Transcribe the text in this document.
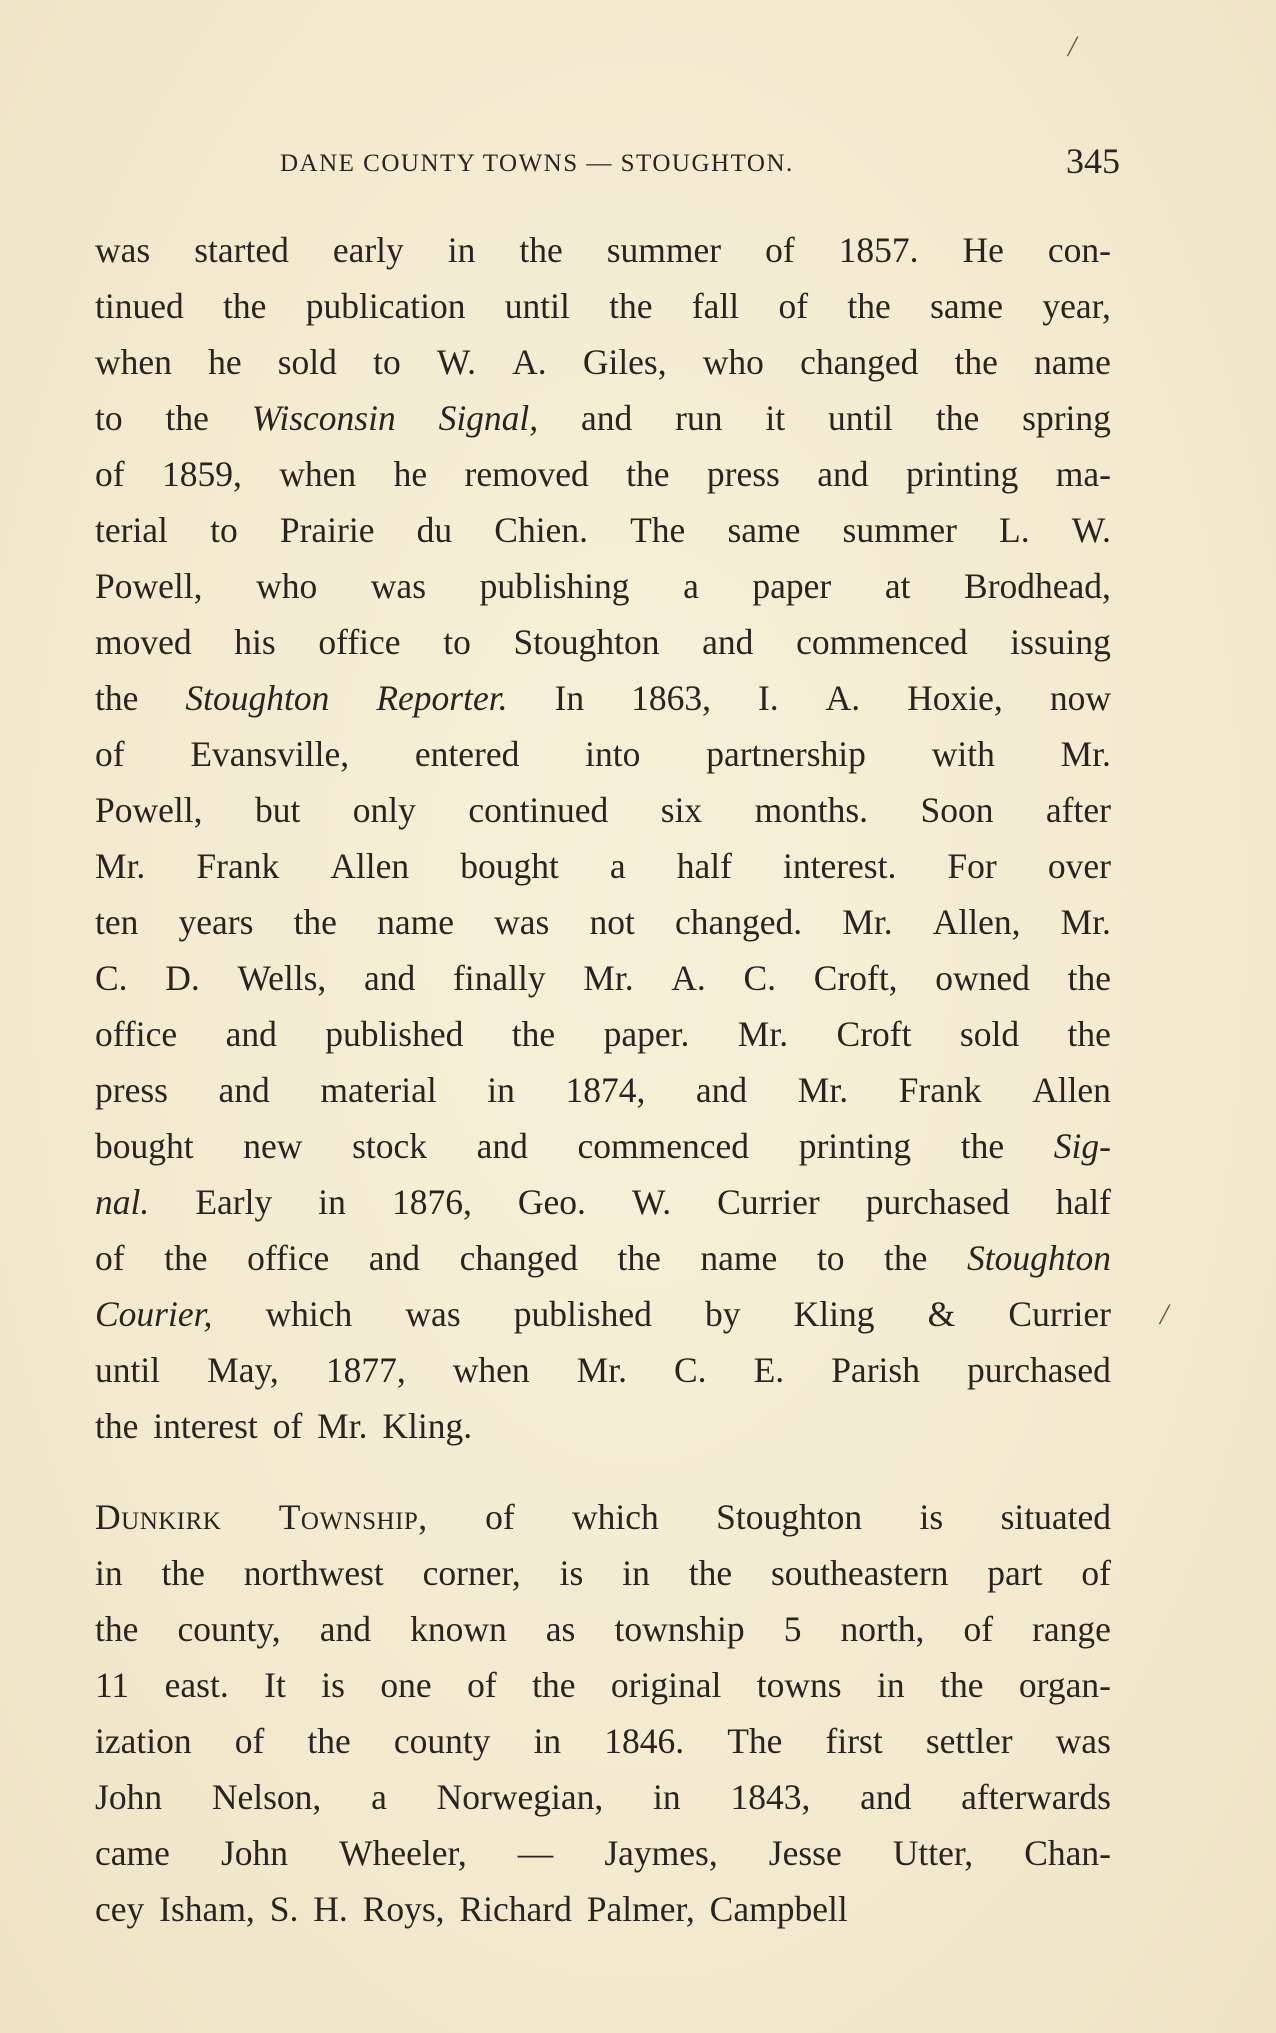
DANE COUNTY TOWNS — STOUGHTON.	345
/
/
was started early in the summer of 1857. He con-
tinued the publication until the fall of the same year,
when he sold to W. A. Giles, who changed the name
to the Wisconsin Signal, and run it until the spring
of 1859, when he removed the press and printing ma-
terial to Prairie du Chien. The same summer L. W.
Powell, who was publishing a paper at Brodhead,
moved his office to Stoughton and commenced issuing
the Stoughton Reporter. In 1863, I. A. Hoxie, now
of Evansville, entered into partnership with Mr.
Powell, but only continued six months. Soon after
Mr. Frank Allen bought a half interest. For over
ten years the name was not changed. Mr. Allen, Mr.
C. D. Wells, and finally Mr. A. C. Croft, owned the
office and published the paper. Mr. Croft sold the
press and material in 1874, and Mr. Frank Allen
bought new stock and commenced printing the Sig-
nal. Early in 1876, Geo. W. Currier purchased half
of the office and changed the name to the Stoughton
Courier, which was published by Kling & Currier
until May, 1877, when Mr. C. E. Parish purchased
the interest of Mr. Kling.
Dunkirk Township, of which Stoughton is situated
in the northwest corner, is in the southeastern part of
the county, and known as township 5 north, of range
11 east. It is one of the original towns in the organ-
ization of the county in 1846. The first settler was
John Nelson, a Norwegian, in 1843, and afterwards
came John Wheeler, — Jaymes, Jesse Utter, Chan-
cey Isham, S. H. Roys, Richard Palmer, Campbell
